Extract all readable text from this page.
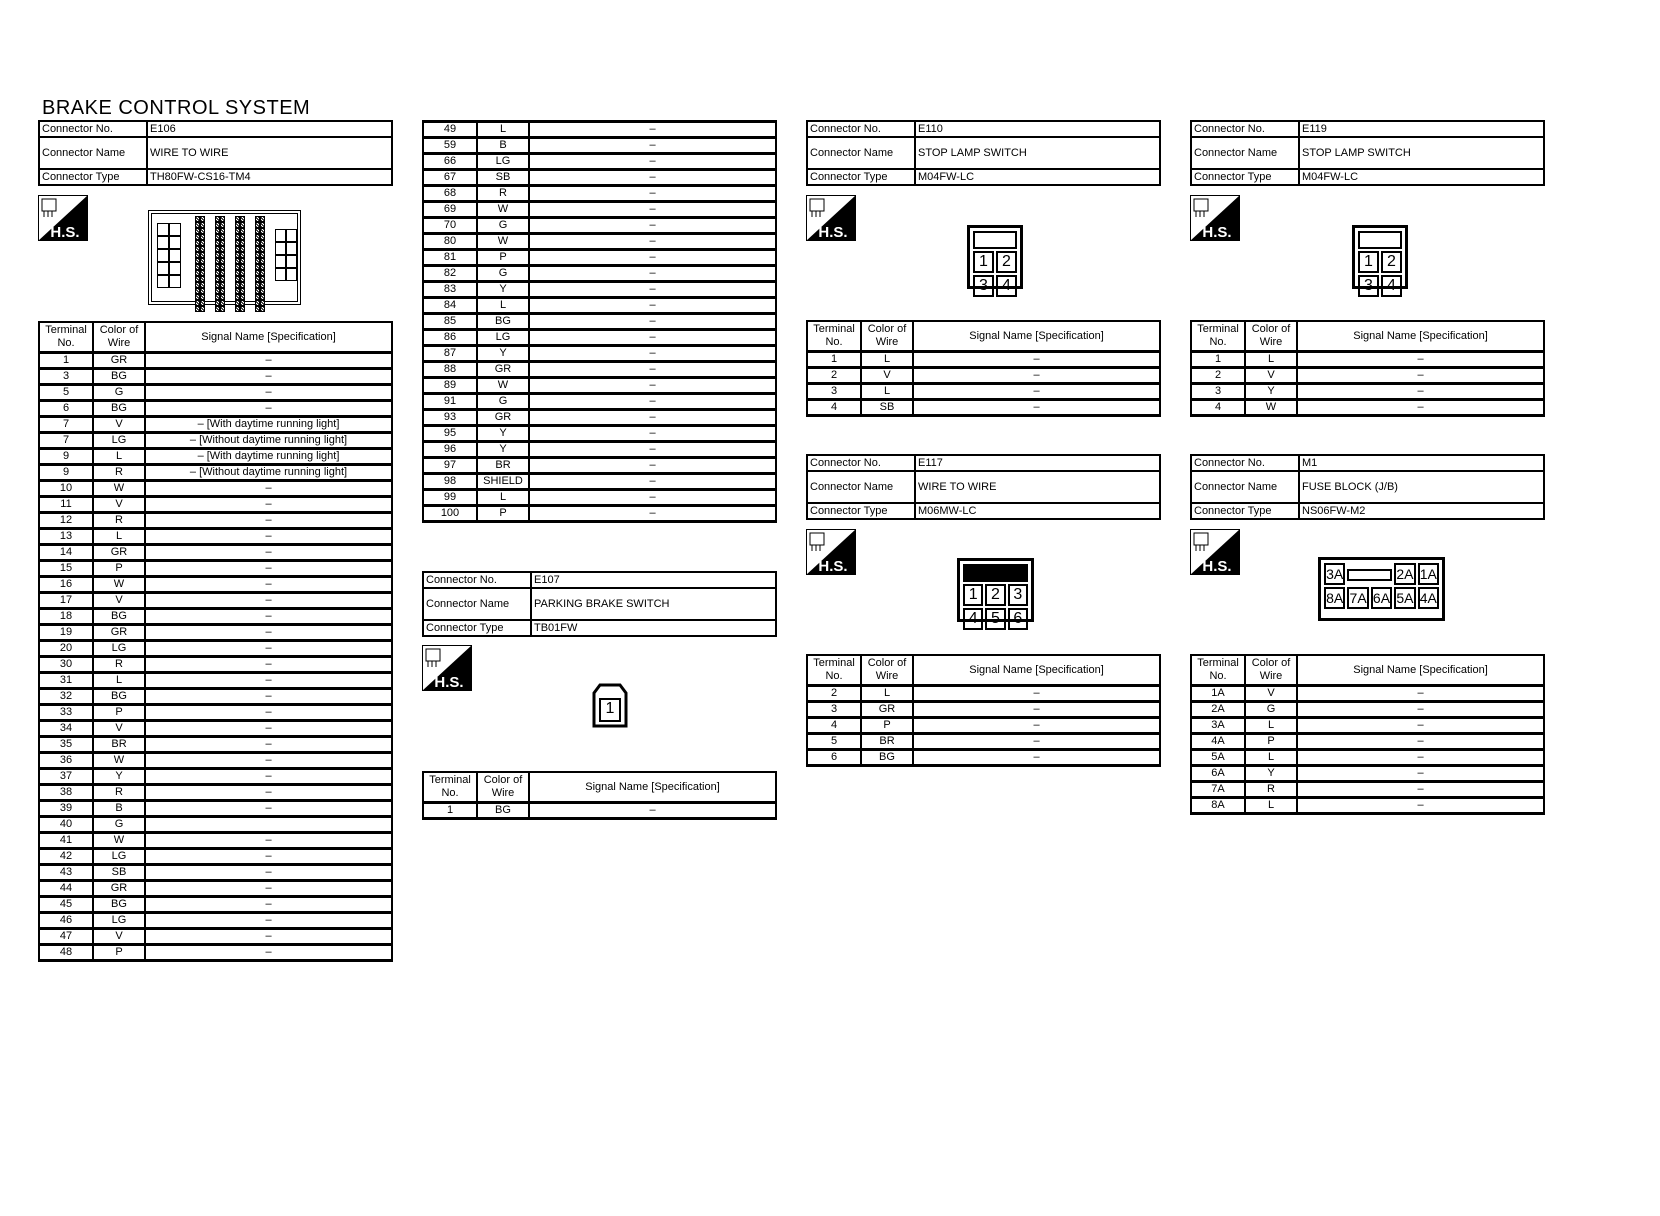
BRAKE CONTROL SYSTEM
Connector No.	E106
Connector Name	WIRE TO WIRE
Connector Type	TH80FW-CS16-TM4
H.S.
Terminal No.	Color of Wire	Signal Name [Specification]
1	GR	–
3	BG	–
5	G	–
6	BG	–
7	V	– [With daytime running light]
7	LG	– [Without daytime running light]
9	L	– [With daytime running light]
9	R	– [Without daytime running light]
10	W	–
11	V	–
12	R	–
13	L	–
14	GR	–
15	P	–
16	W	–
17	V	–
18	BG	–
19	GR	–
20	LG	–
30	R	–
31	L	–
32	BG	–
33	P	–
34	V	–
35	BR	–
36	W	–
37	Y	–
38	R	–
39	B	–
40	G	
41	W	–
42	LG	–
43	SB	–
44	GR	–
45	BG	–
46	LG	–
47	V	–
48	P	–
49	L	–
59	B	–
66	LG	–
67	SB	–
68	R	–
69	W	–
70	G	–
80	W	–
81	P	–
82	G	–
83	Y	–
84	L	–
85	BG	–
86	LG	–
87	Y	–
88	GR	–
89	W	–
91	G	–
93	GR	–
95	Y	–
96	Y	–
97	BR	–
98	SHIELD	–
99	L	–
100	P	–
Connector No.	E107
Connector Name	PARKING BRAKE SWITCH
Connector Type	TB01FW
H.S.
1
Terminal No.	Color of Wire	Signal Name [Specification]
1	BG	–
Connector No.	E110
Connector Name	STOP LAMP SWITCH
Connector Type	M04FW-LC
H.S.
1 2
3 4
Terminal No.	Color of Wire	Signal Name [Specification]
1	L	–
2	V	–
3	L	–
4	SB	–
Connector No.	E119
Connector Name	STOP LAMP SWITCH
Connector Type	M04FW-LC
H.S.
1 2
3 4
Terminal No.	Color of Wire	Signal Name [Specification]
1	L	–
2	V	–
3	Y	–
4	W	–
Connector No.	E117
Connector Name	WIRE TO WIRE
Connector Type	M06MW-LC
H.S.
1 2 3
4 5 6
Terminal No.	Color of Wire	Signal Name [Specification]
2	L	–
3	GR	–
4	P	–
5	BR	–
6	BG	–
Connector No.	M1
Connector Name	FUSE BLOCK (J/B)
Connector Type	NS06FW-M2
H.S.	3A	2A 1A
8A 7A 6A 5A 4A
Terminal No.	Color of Wire	Signal Name [Specification]
1A	V	–
2A	G	–
3A	L	–
4A	P	–
5A	L	–
6A	Y	–
7A	R	–
8A	L	–
